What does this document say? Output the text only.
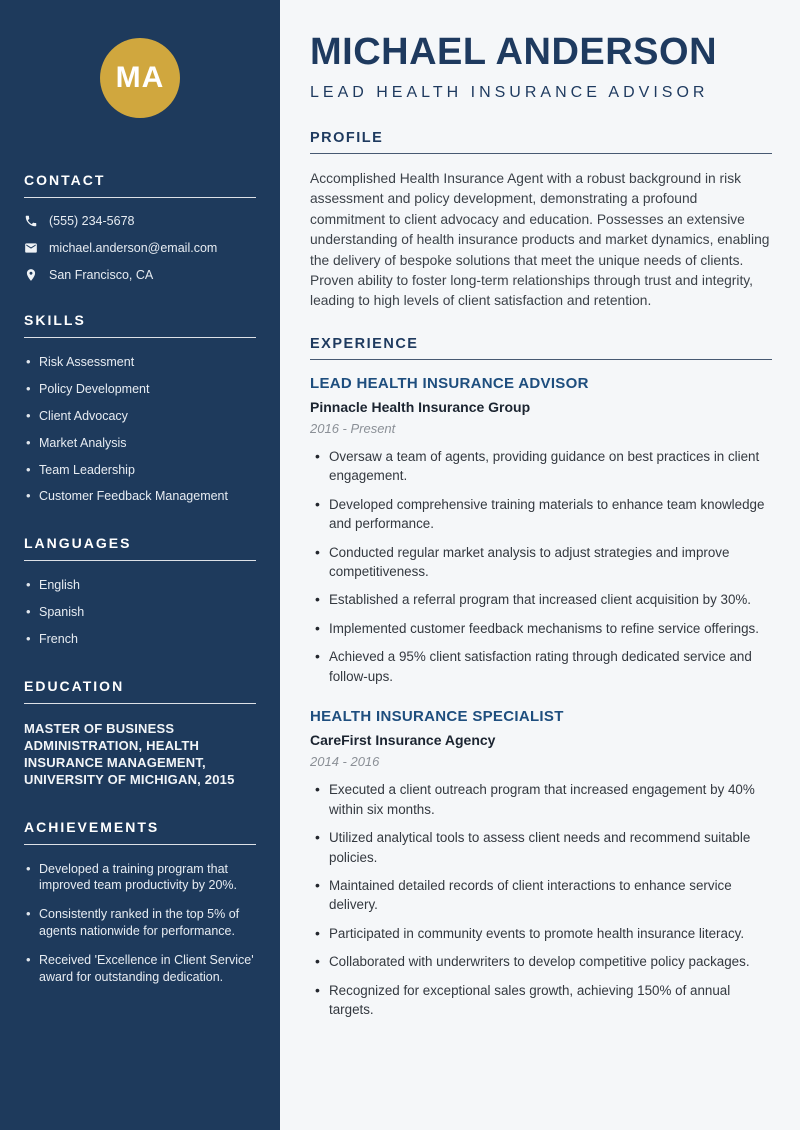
MA
CONTACT
(555) 234-5678
michael.anderson@email.com
San Francisco, CA
SKILLS
• Risk Assessment
• Policy Development
• Client Advocacy
• Market Analysis
• Team Leadership
• Customer Feedback Management
LANGUAGES
• English
• Spanish
• French
EDUCATION
MASTER OF BUSINESS ADMINISTRATION, HEALTH INSURANCE MANAGEMENT, UNIVERSITY OF MICHIGAN, 2015
ACHIEVEMENTS
• Developed a training program that improved team productivity by 20%.
• Consistently ranked in the top 5% of agents nationwide for performance.
• Received 'Excellence in Client Service' award for outstanding dedication.
MICHAEL ANDERSON
LEAD HEALTH INSURANCE ADVISOR
PROFILE

Accomplished Health Insurance Agent with a robust background in risk assessment and policy development, demonstrating a profound commitment to client advocacy and education. Possesses an extensive understanding of health insurance products and market dynamics, enabling the delivery of bespoke solutions that meet the unique needs of clients. Proven ability to foster long-term relationships through trust and integrity, leading to high levels of client satisfaction and retention.

EXPERIENCE
LEAD HEALTH INSURANCE ADVISOR
Pinnacle Health Insurance Group
2016 - Present
• Oversaw a team of agents, providing guidance on best practices in client engagement.
• Developed comprehensive training materials to enhance team knowledge and performance.
• Conducted regular market analysis to adjust strategies and improve competitiveness.
• Established a referral program that increased client acquisition by 30%.
• Implemented customer feedback mechanisms to refine service offerings.
• Achieved a 95% client satisfaction rating through dedicated service and follow-ups.
HEALTH INSURANCE SPECIALIST
CareFirst Insurance Agency
2014 - 2016
• Executed a client outreach program that increased engagement by 40% within six months.
• Utilized analytical tools to assess client needs and recommend suitable policies.
• Maintained detailed records of client interactions to enhance service delivery.
• Participated in community events to promote health insurance literacy.
• Collaborated with underwriters to develop competitive policy packages.
• Recognized for exceptional sales growth, achieving 150% of annual targets.
